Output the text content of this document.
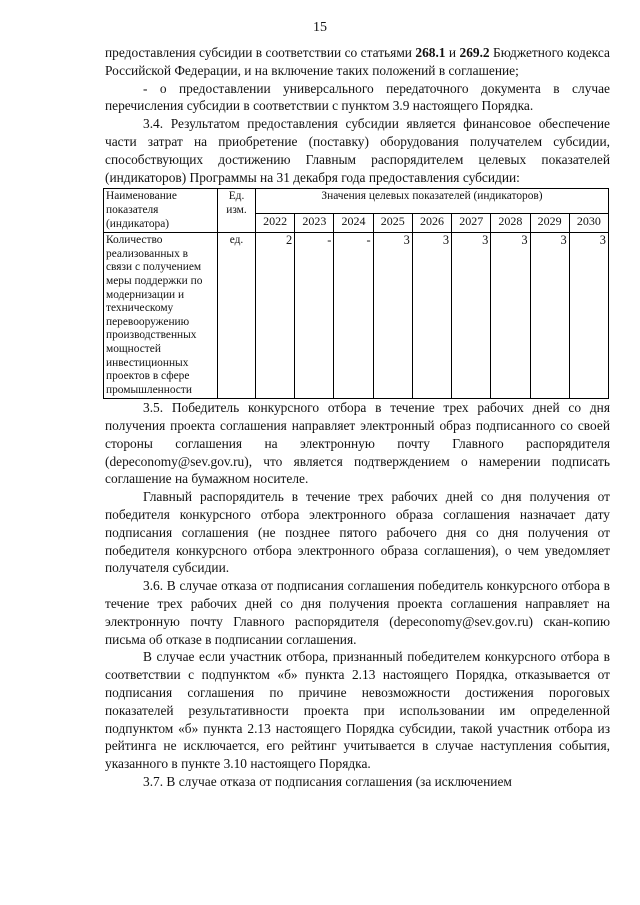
15

предоставления субсидии в соответствии со статьями 268.1 и 269.2 Бюджетного кодекса Российской Федерации, и на включение таких положений в соглашение;

- о предоставлении универсального передаточного документа в случае перечисления субсидии в соответствии с пунктом 3.9 настоящего Порядка.

3.4. Результатом предоставления субсидии является финансовое обеспечение части затрат на приобретение (поставку) оборудования получателем субсидии, способствующих достижению Главным распорядителем целевых показателей (индикаторов) Программы на 31 декабря года предоставления субсидии:

Наименование показателя (индикатора)	Ед. изм.	Значения целевых показателей (индикаторов)								
		2022	2023	2024	2025	2026	2027	2028	2029	2030
Количество реализованных в связи с получением меры поддержки по модернизации и техническому перевооружению производственных мощностей инвестиционных проектов в сфере промышленности	ед.	2	-	-	3	3	3	3	3	3

3.5. Победитель конкурсного отбора в течение трех рабочих дней со дня получения проекта соглашения направляет электронный образ подписанного со своей стороны соглашения на электронную почту Главного распорядителя (depeconomy@sev.gov.ru), что является подтверждением о намерении подписать соглашение на бумажном носителе.

Главный распорядитель в течение трех рабочих дней со дня получения от победителя конкурсного отбора электронного образа соглашения назначает дату подписания соглашения (не позднее пятого рабочего дня со дня получения от победителя конкурсного отбора электронного образа соглашения), о чем уведомляет получателя субсидии.

3.6. В случае отказа от подписания соглашения победитель конкурсного отбора в течение трех рабочих дней со дня получения проекта соглашения направляет на электронную почту Главного распорядителя (depeconomy@sev.gov.ru) скан-копию письма об отказе в подписании соглашения.

В случае если участник отбора, признанный победителем конкурсного отбора в соответствии с подпунктом «б» пункта 2.13 настоящего Порядка, отказывается от подписания соглашения по причине невозможности достижения пороговых показателей результативности проекта при использовании им определенной подпунктом «б» пункта 2.13 настоящего Порядка субсидии, такой участник отбора из рейтинга не исключается, его рейтинг учитывается в случае наступления события, указанного в пункте 3.10 настоящего Порядка.

3.7. В случае отказа от подписания соглашения (за исключением
